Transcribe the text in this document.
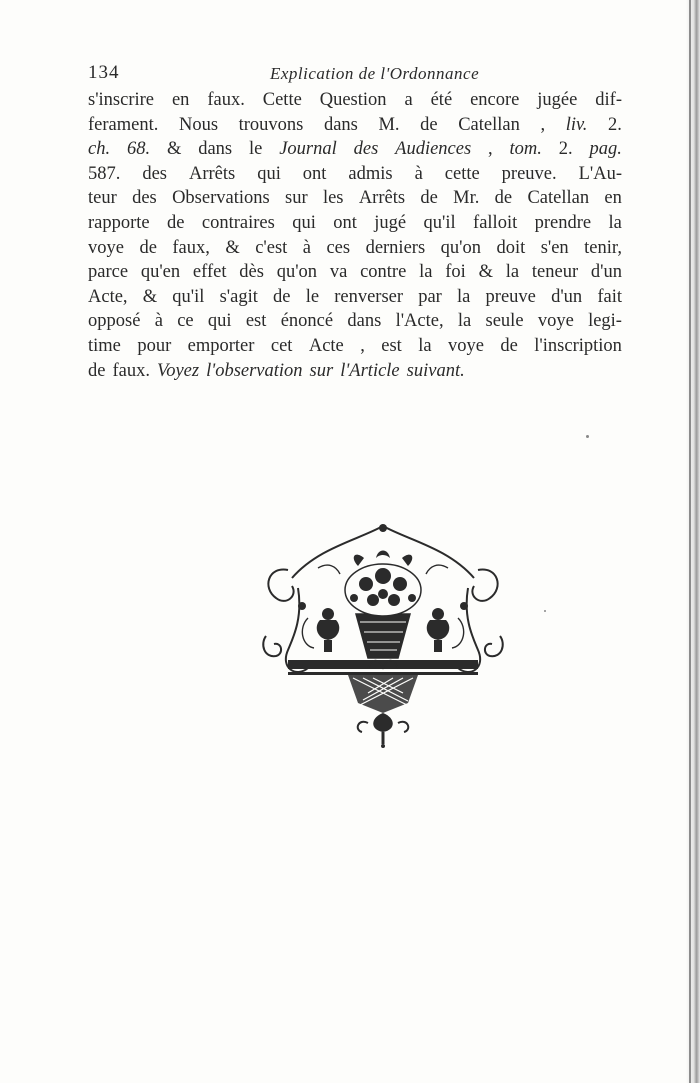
134	Explication de l'Ordonnance
s'inscrire en faux. Cette Question a été encore jugée dif-
ferament. Nous trouvons dans M. de Catellan , liv. 2.
ch. 68. & dans le Journal des Audiences , tom. 2. pag.
587. des Arrêts qui ont admis à cette preuve. L'Au-
teur des Observations sur les Arrêts de Mr. de Catellan en
rapporte de contraires qui ont jugé qu'il falloit prendre la
voye de faux, & c'est à ces derniers qu'on doit s'en tenir,
parce qu'en effet dès qu'on va contre la foi & la teneur d'un
Acte, & qu'il s'agit de le renverser par la preuve d'un fait
opposé à ce qui est énoncé dans l'Acte, la seule voye legi-
time pour emporter cet Acte , est la voye de l'inscription
de faux. Voyez l'observation sur l'Article suivant.
